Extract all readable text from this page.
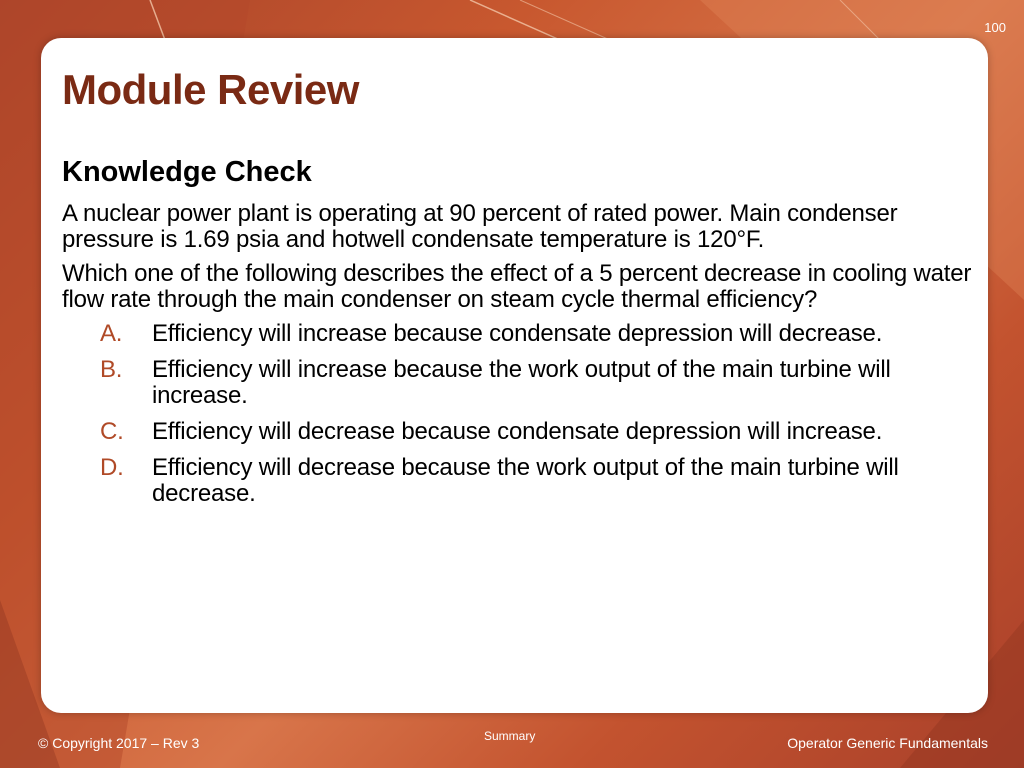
100
Module Review
Knowledge Check

A nuclear power plant is operating at 90 percent of rated power. Main condenser pressure is 1.69 psia and hotwell condensate temperature is 120°F.

Which one of the following describes the effect of a 5 percent decrease in cooling water flow rate through the main condenser on steam cycle thermal efficiency?

A. Efficiency will increase because condensate depression will decrease.
B. Efficiency will increase because the work output of the main turbine will increase.
C. Efficiency will decrease because condensate depression will increase.
D. Efficiency will decrease because the work output of the main turbine will decrease.
© Copyright 2017 – Rev 3	Summary	Operator Generic Fundamentals
